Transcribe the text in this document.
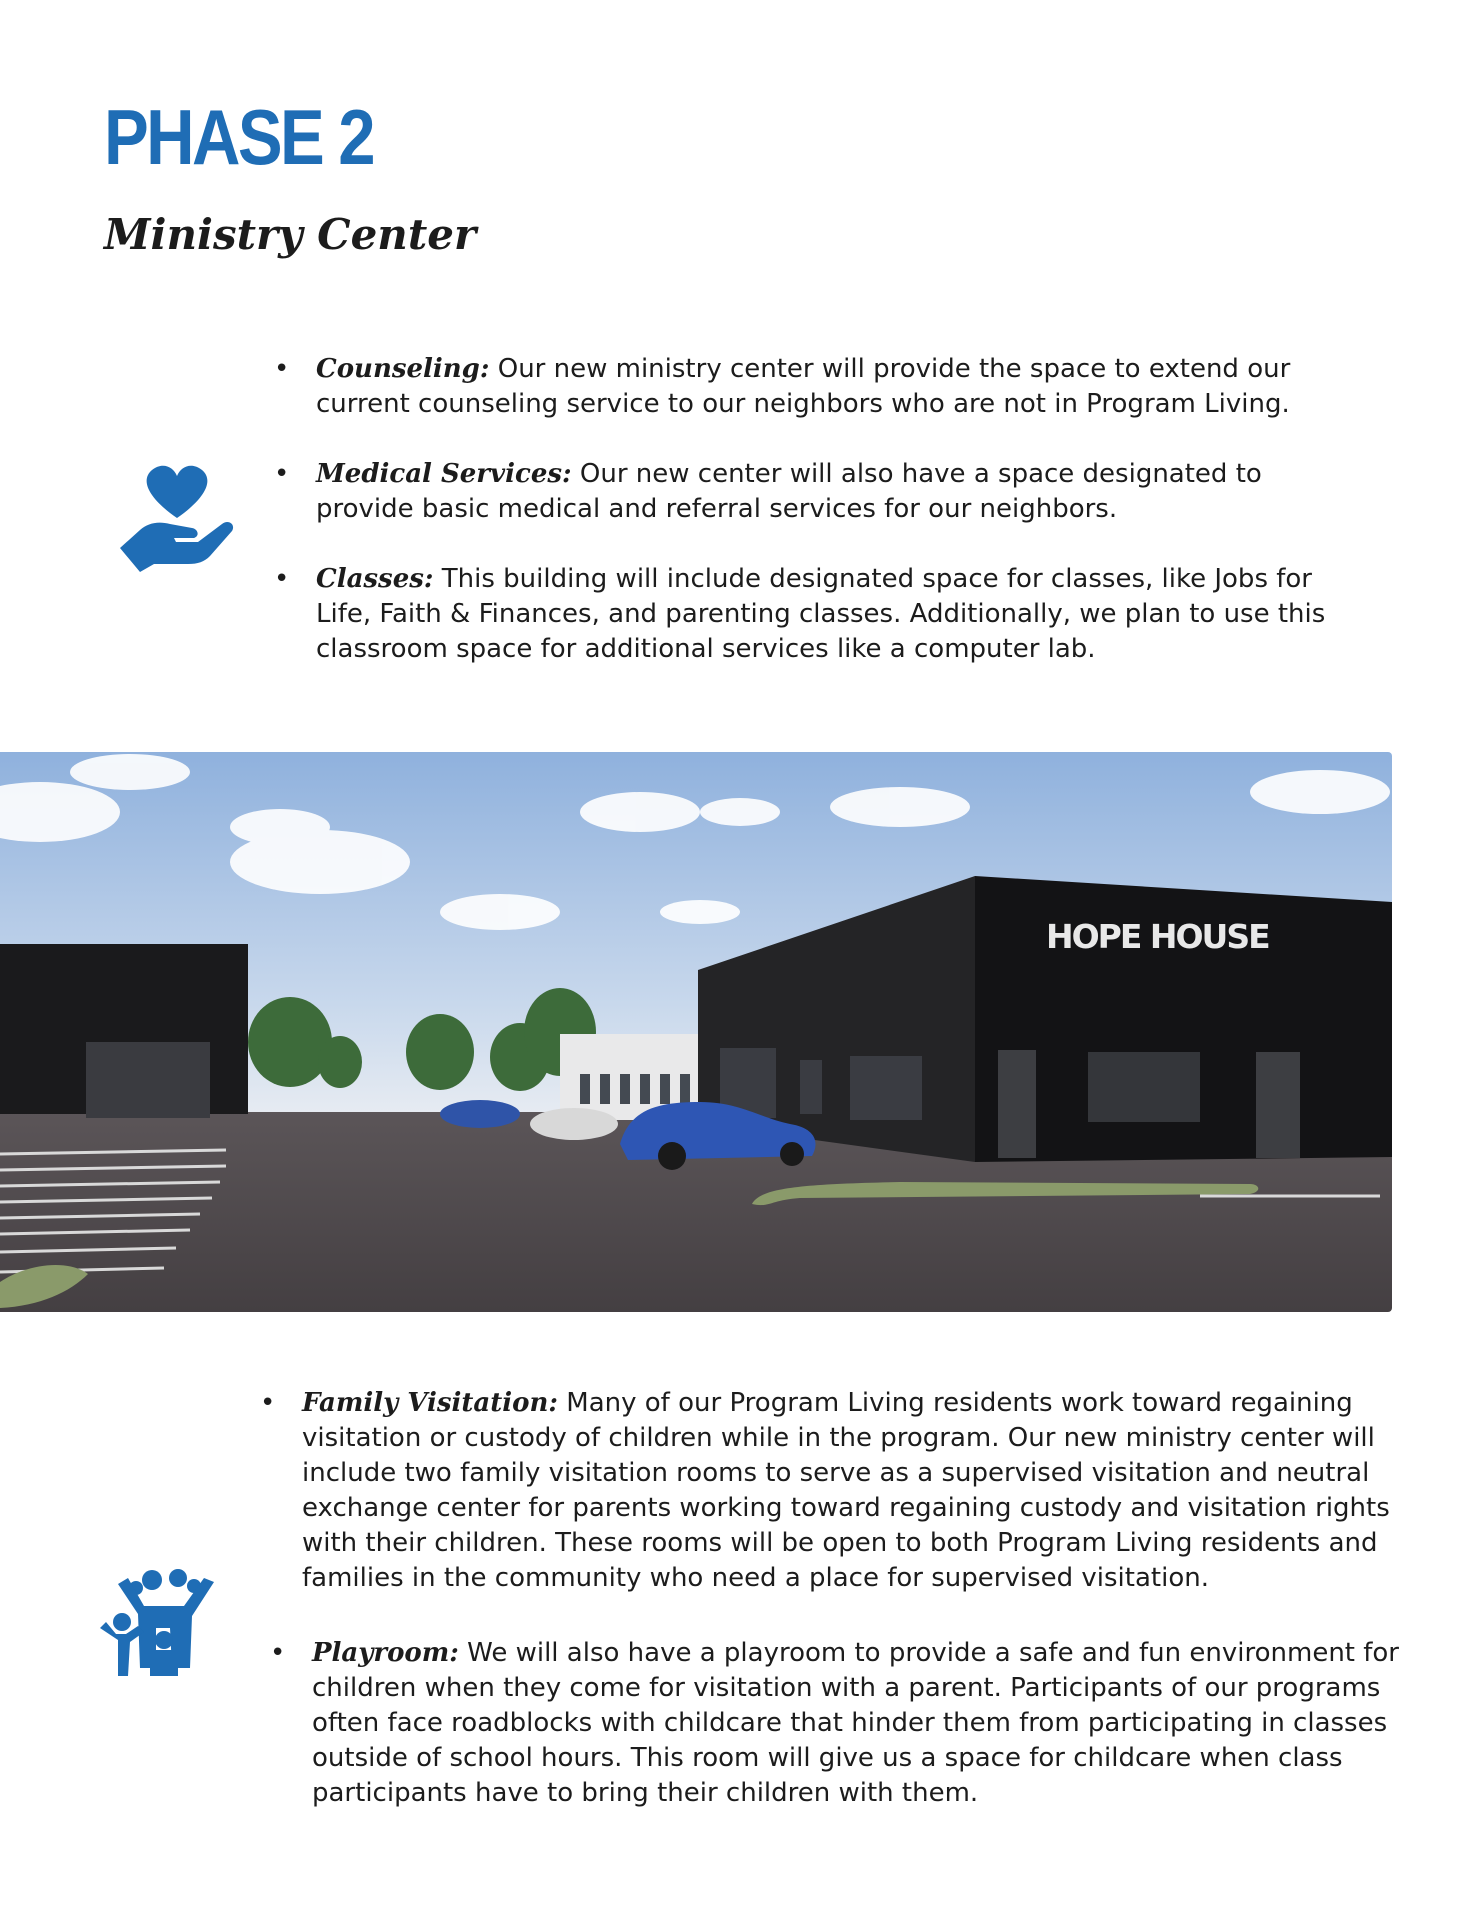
PHASE 2
Ministry Center
• Counseling: Our new ministry center will provide the space to extend our current counseling service to our neighbors who are not in Program Living.
• Medical Services: Our new center will also have a space designated to provide basic medical and referral services for our neighbors.
• Classes: This building will include designated space for classes, like Jobs for Life, Faith & Finances, and parenting classes. Additionally, we plan to use this classroom space for additional services like a computer lab.
HOPE HOUSE
• Family Visitation: Many of our Program Living residents work toward regaining visitation or custody of children while in the program. Our new ministry center will include two family visitation rooms to serve as a supervised visitation and neutral exchange center for parents working toward regaining custody and visitation rights with their children. These rooms will be open to both Program Living residents and families in the community who need a place for supervised visitation.
• Playroom: We will also have a playroom to provide a safe and fun environment for children when they come for visitation with a parent. Participants of our programs often face roadblocks with childcare that hinder them from participating in classes outside of school hours. This room will give us a space for childcare when class participants have to bring their children with them.
